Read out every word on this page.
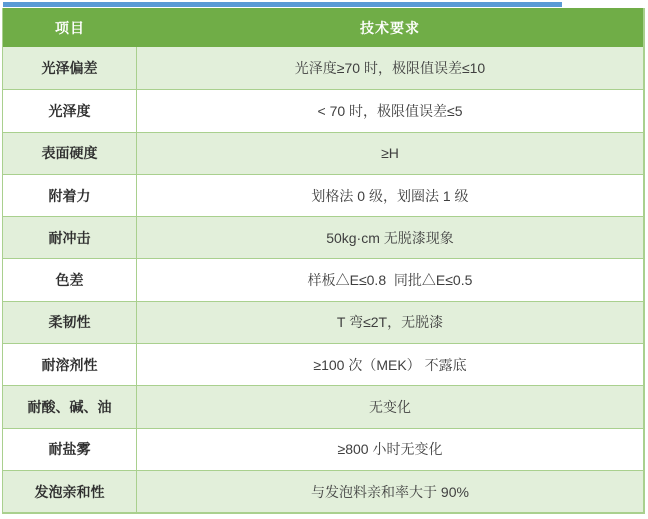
项目	技术要求
光泽偏差	光泽度≥70 时，极限值误差≤10
光泽度	< 70 时，极限值误差≤5
表面硬度	≥H
附着力	划格法 0 级，划圈法 1 级
耐冲击	50kg·cm 无脱漆现象
色差	样板△E≤0.8  同批△E≤0.5
柔韧性	T 弯≤2T，无脱漆
耐溶剂性	≥100 次（MEK） 不露底
耐酸、碱、油	无变化
耐盐雾	≥800 小时无变化
发泡亲和性	与发泡料亲和率大于 90%
